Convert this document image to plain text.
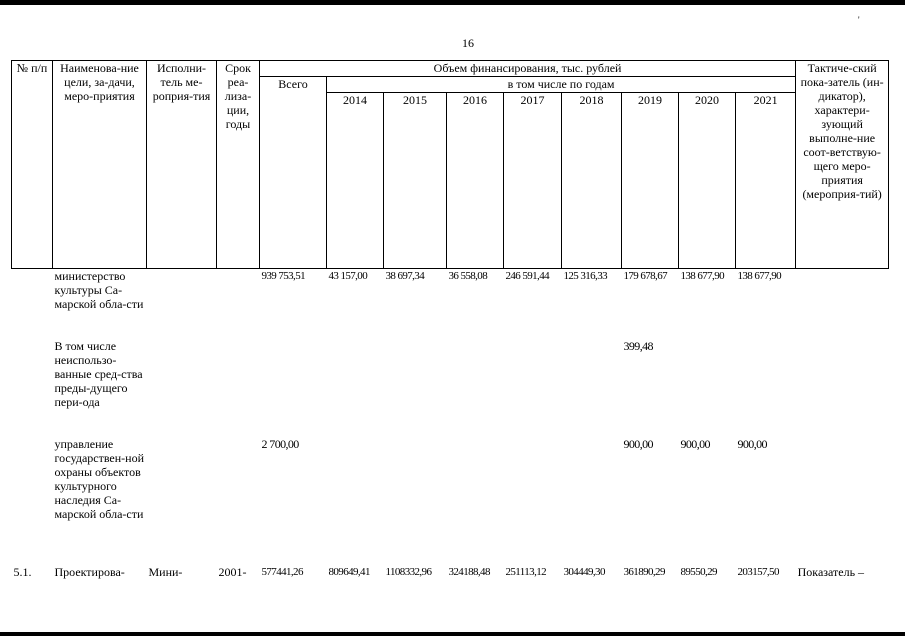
'
16
№ п/п	Наименова-ние цели, за-дачи, меро-приятия	Исполни-тель ме-роприя-тия	Срок реа-лиза-ции, годы	Объем финансирования, тыс. рублей									Тактиче-ский пока-затель (ин-дикатор), характери-зующий выполне-ние соот-ветствую-щего меро-приятия (мероприя-тий)
				Всего	в том числе по годам								
					2014	2015	2016	2017	2018	2019	2020	2021	
	министерство культуры Са-марской обла-сти			939 753,51	43 157,00	38 697,34	36 558,08	246 591,44	125 316,33	179 678,67	138 677,90	138 677,90	
	В том числе неиспользо-ванные сред-ства преды-дущего пери-ода									399,48			
	управление государствен-ной охраны объектов культурного наследия Са-марской обла-сти			2 700,00						900,00	900,00	900,00	
5.1.	Проектирова-	Мини-	2001-	577441,26	809649,41	1108332,96	324188,48	251113,12	304449,30	361890,29	89550,29	203157,50	Показатель –
